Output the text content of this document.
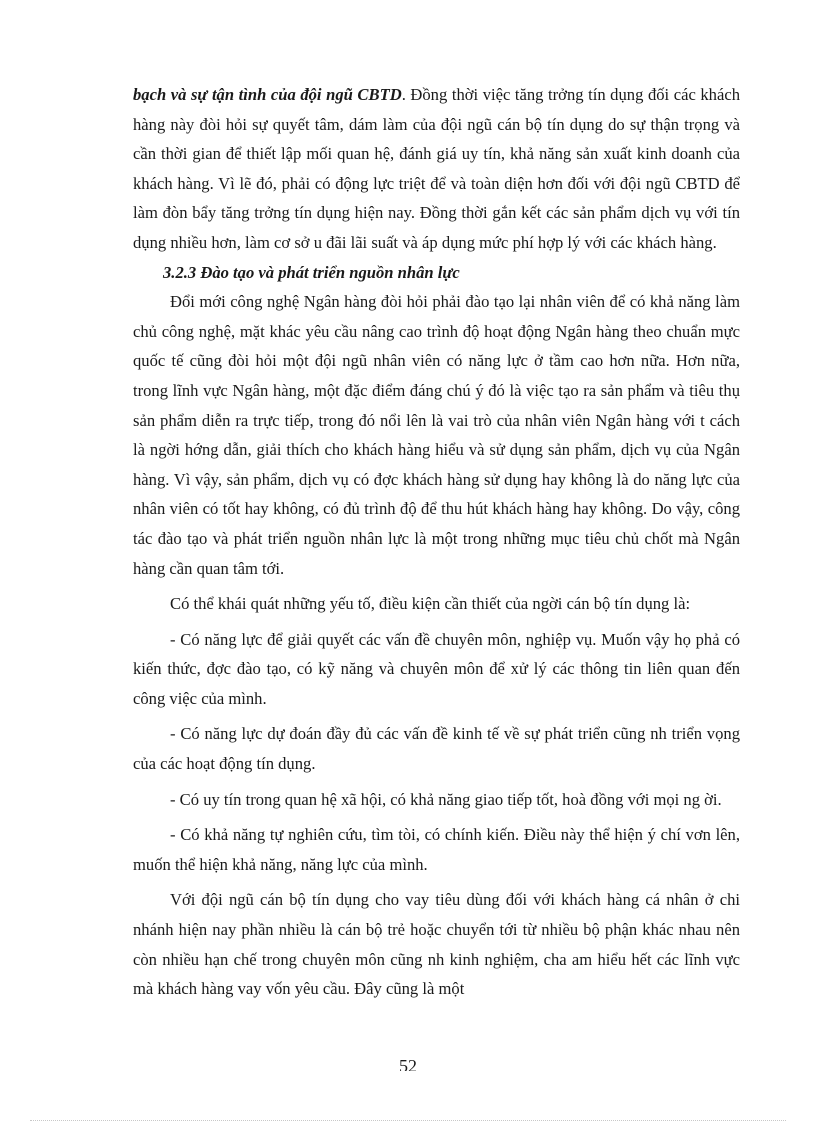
bạch và sự tận tình của đội ngũ CBTD. Đồng thời việc tăng trởng tín dụng đối các khách hàng này đòi hỏi sự quyết tâm, dám làm của đội ngũ cán bộ tín dụng do sự thận trọng và cần thời gian để thiết lập mối quan hệ, đánh giá uy tín, khả năng sản xuất kinh doanh của khách hàng. Vì lẽ đó, phải có động lực triệt để và toàn diện hơn đối với đội ngũ CBTD để làm đòn bẩy tăng trởng tín dụng hiện nay. Đồng thời gắn kết các sản phẩm dịch vụ với tín dụng nhiều hơn, làm cơ sở u đãi lãi suất và áp dụng mức phí hợp lý với các khách hàng.

3.2.3 Đào tạo và phát triển nguồn nhân lực

Đổi mới công nghệ Ngân hàng đòi hỏi phải đào tạo lại nhân viên để có khả năng làm chủ công nghệ, mặt khác yêu cầu nâng cao trình độ hoạt động Ngân hàng theo chuẩn mực quốc tế cũng đòi hỏi một đội ngũ nhân viên có năng lực ở tầm cao hơn nữa. Hơn nữa, trong lĩnh vực Ngân hàng, một đặc điểm đáng chú ý đó là việc tạo ra sản phẩm và tiêu thụ sản phẩm diễn ra trực tiếp, trong đó nổi lên là vai trò của nhân viên Ngân hàng với t cách là ngời hớng dẫn, giải thích cho khách hàng hiểu và sử dụng sản phẩm, dịch vụ của Ngân hàng. Vì vậy, sản phẩm, dịch vụ có đợc khách hàng sử dụng hay không là do năng lực của nhân viên có tốt hay không, có đủ trình độ để thu hút khách hàng hay không. Do vậy, công tác đào tạo và phát triển nguồn nhân lực là một trong những mục tiêu chủ chốt mà Ngân hàng cần quan tâm tới.

Có thể khái quát những yếu tố, điều kiện cần thiết của ngời cán bộ tín dụng là:

- Có năng lực để giải quyết các vấn đề chuyên môn, nghiệp vụ. Muốn vậy họ phả có kiến thức, đợc đào tạo, có kỹ năng và chuyên môn để xử lý các thông tin liên quan đến công việc của mình.

- Có năng lực dự đoán đầy đủ các vấn đề kinh tế về sự phát triển cũng nh triển vọng của các hoạt động tín dụng.

- Có uy tín trong quan hệ xã hội, có khả năng giao tiếp tốt, hoà đồng với mọi ng ời.

- Có khả năng tự nghiên cứu, tìm tòi, có chính kiến. Điều này thể hiện ý chí vơn lên, muốn thể hiện khả năng, năng lực của mình.

Với đội ngũ cán bộ tín dụng cho vay tiêu dùng đối với khách hàng cá nhân ở chi nhánh hiện nay phần nhiều là cán bộ trẻ hoặc chuyển tới từ nhiều bộ phận khác nhau nên còn nhiều hạn chế trong chuyên môn cũng nh kinh nghiệm, cha am hiểu hết các lĩnh vực mà khách hàng vay vốn yêu cầu. Đây cũng là một

52
